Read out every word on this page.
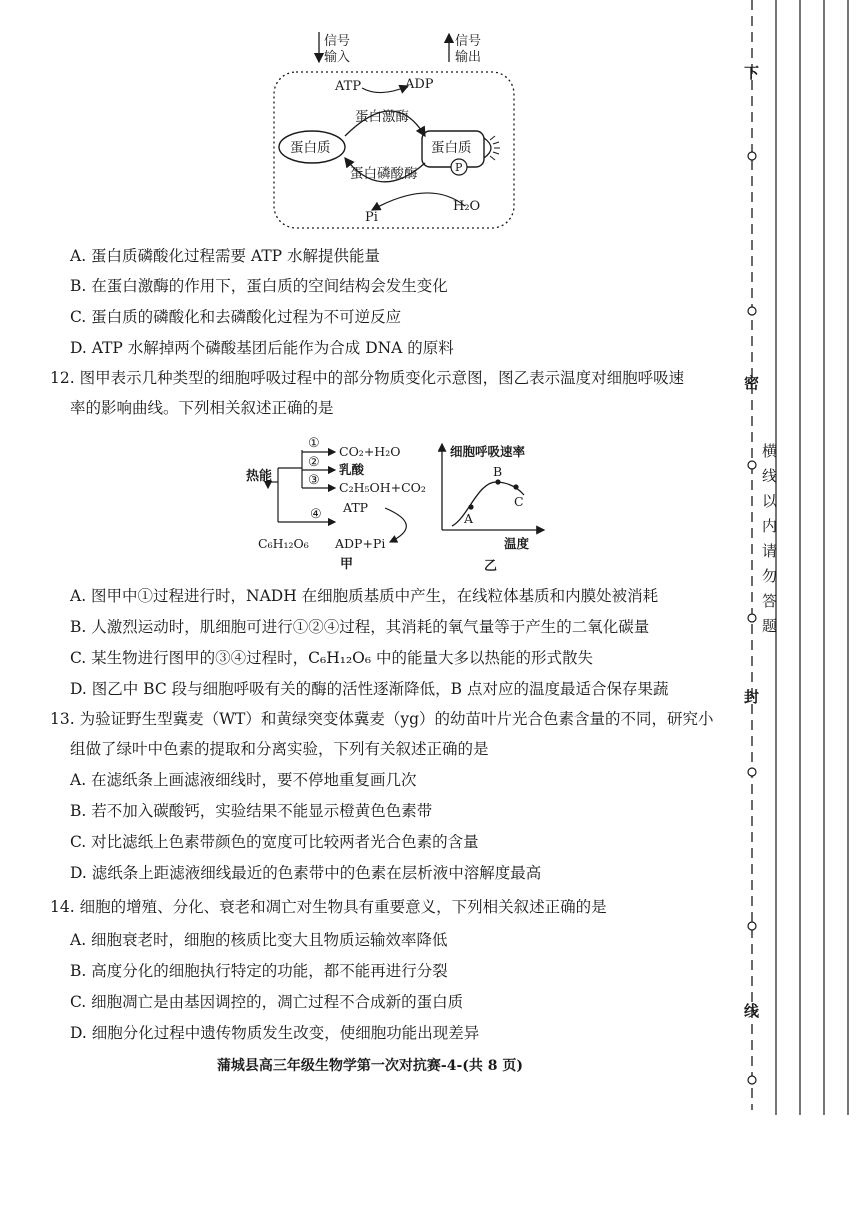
信号
输入
信号
输出
ATP	ADP
蛋白激酶
蛋白质	蛋白质
P
蛋白磷酸酶
Pi
H₂O
A. 蛋白质磷酸化过程需要 ATP 水解提供能量
B. 在蛋白激酶的作用下，蛋白质的空间结构会发生变化
C. 蛋白质的磷酸化和去磷酸化过程为不可逆反应
D. ATP 水解掉两个磷酸基团后能作为合成 DNA 的原料
12. 图甲表示几种类型的细胞呼吸过程中的部分物质变化示意图，图乙表示温度对细胞呼吸速
率的影响曲线。下列相关叙述正确的是
热能
①
②
③
CO₂+H₂O
乳酸
C₂H₅OH+CO₂
④ ATP
C₆H₁₂O₆ ADP+Pi
甲
细胞呼吸速率
A
B
C
温度
乙
A. 图甲中①过程进行时，NADH 在细胞质基质中产生，在线粒体基质和内膜处被消耗
B. 人激烈运动时，肌细胞可进行①②④过程，其消耗的氧气量等于产生的二氧化碳量
C. 某生物进行图甲的③④过程时，C₆H₁₂O₆ 中的能量大多以热能的形式散失
D. 图乙中 BC 段与细胞呼吸有关的酶的活性逐渐降低，B 点对应的温度最适合保存果蔬
13. 为验证野生型冀麦（WT）和黄绿突变体冀麦（yg）的幼苗叶片光合色素含量的不同，研究小
组做了绿叶中色素的提取和分离实验，下列有关叙述正确的是
A. 在滤纸条上画滤液细线时，要不停地重复画几次
B. 若不加入碳酸钙，实验结果不能显示橙黄色色素带
C. 对比滤纸上色素带颜色的宽度可比较两者光合色素的含量
D. 滤纸条上距滤液细线最近的色素带中的色素在层析液中溶解度最高
14. 细胞的增殖、分化、衰老和凋亡对生物具有重要意义，下列相关叙述正确的是
A. 细胞衰老时，细胞的核质比变大且物质运输效率降低
B. 高度分化的细胞执行特定的功能，都不能再进行分裂
C. 细胞凋亡是由基因调控的，凋亡过程不合成新的蛋白质
D. 细胞分化过程中遗传物质发生改变，使细胞功能出现差异
蒲城县高三年级生物学第一次对抗赛-4-(共 8 页)
下
密
封
线
横
线
以
内
请
勿
答
题
